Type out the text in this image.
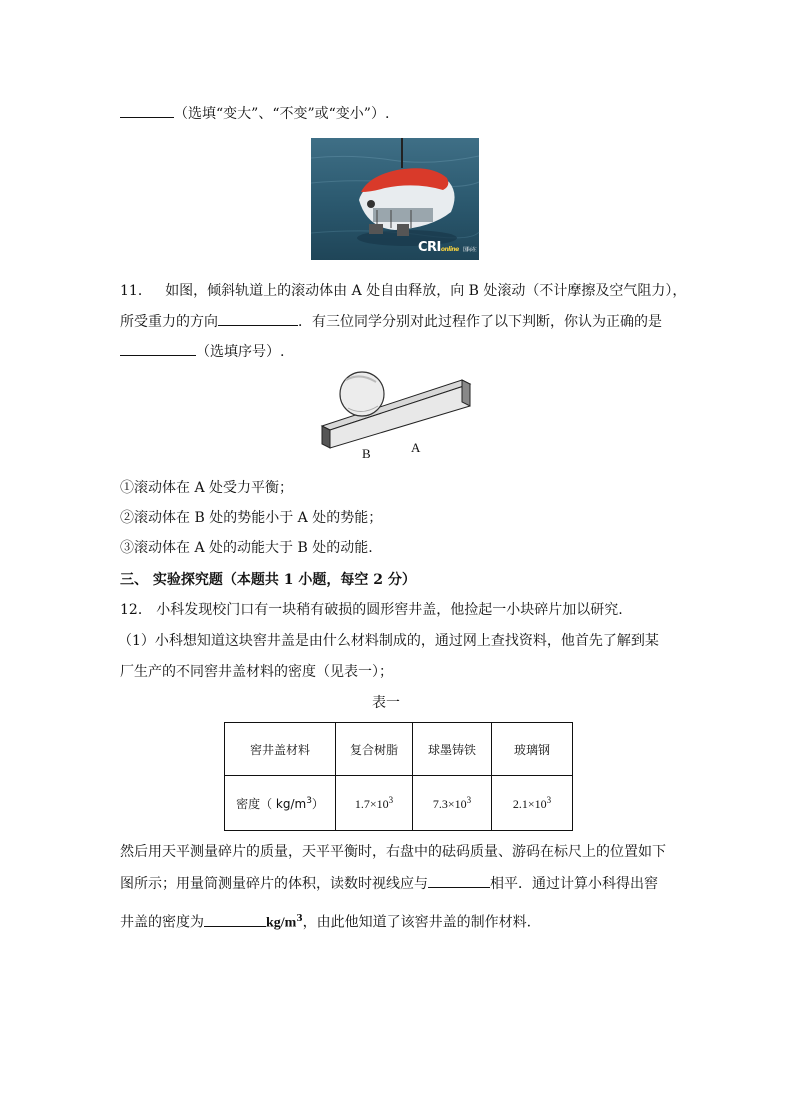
（选填“变大”、“不变”或“变小”）.
CRIonline 国际在线
11． 如图，倾斜轨道上的滚动体由 A 处自由释放，向 B 处滚动（不计摩擦及空气阻力），
所受重力的方向	．有三位同学分别对此过程作了以下判断，你认为正确的是
（选填序号）.
B	A
①滚动体在 A 处受力平衡；
②滚动体在 B 处的势能小于 A 处的势能；
③滚动体在 A 处的动能大于 B 处的动能.
三、 实验探究题（本题共 1 小题，每空 2 分）
12． 小科发现校门口有一块稍有破损的圆形窖井盖，他捡起一小块碎片加以研究.
（1）小科想知道这块窖井盖是由什么材料制成的，通过网上查找资料，他首先了解到某
厂生产的不同窖井盖材料的密度（见表一）；
表一
窖井盖材料	复合树脂	球墨铸铁	玻璃钢
密度（ $kg/m^3$）	$1.7\times 10^3$	$7.3\times 10^3$	$2.1\times 10^3$
然后用天平测量碎片的质量，天平平衡时，右盘中的砝码质量、游码在标尺上的位置如下
图所示；用量筒测量碎片的体积，读数时视线应与	相平．通过计算小科得出窖
井盖的密度为	$kg/m^3$，由此他知道了该窖井盖的制作材料.
